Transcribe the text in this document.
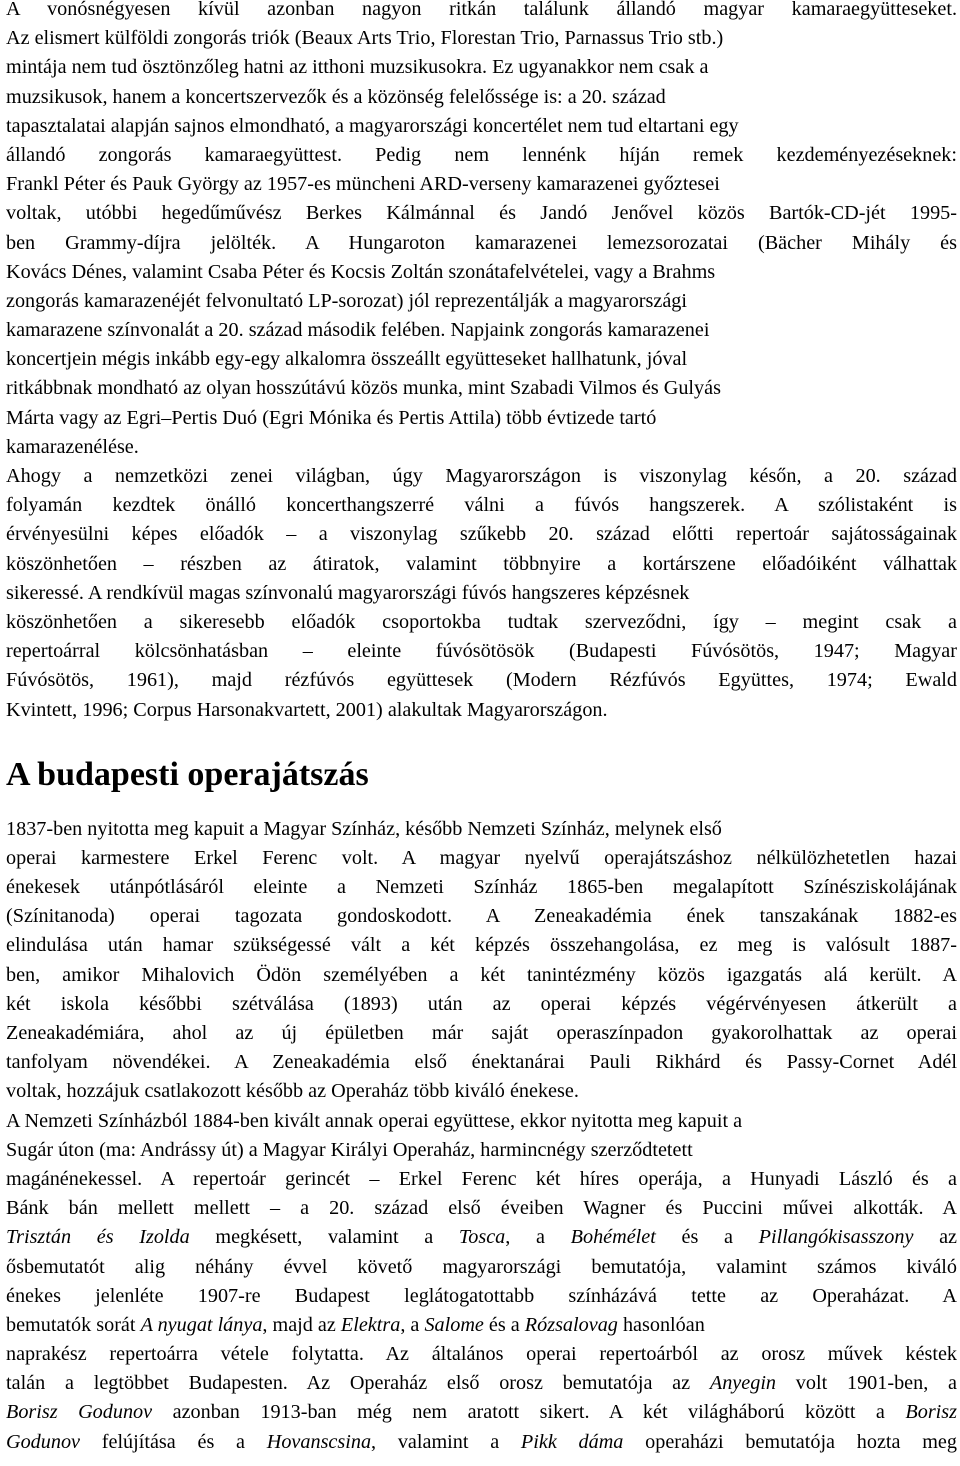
A vonósnégyesen kívül azonban nagyon ritkán találunk állandó magyar kamaraegyütteseket.
Az elismert külföldi zongorás triók (Beaux Arts Trio, Florestan Trio, Parnassus Trio stb.)
mintája nem tud ösztönzőleg hatni az itthoni muzsikusokra. Ez ugyanakkor nem csak a
muzsikusok, hanem a koncertszervezők és a közönség felelőssége is: a 20. század
tapasztalatai alapján sajnos elmondható, a magyarországi koncertélet nem tud eltartani egy
állandó zongorás kamaraegyüttest. Pedig nem lennénk híján remek kezdeményezéseknek:
Frankl Péter és Pauk György az 1957-es müncheni ARD-verseny kamarazenei győztesei
voltak, utóbbi hegedűművész Berkes Kálmánnal és Jandó Jenővel közös Bartók-CD-jét 1995-
ben Grammy-díjra jelölték. A Hungaroton kamarazenei lemezsorozatai (Bächer Mihály és
Kovács Dénes, valamint Csaba Péter és Kocsis Zoltán szonátafelvételei, vagy a Brahms
zongorás kamarazenéjét felvonultató LP-sorozat) jól reprezentálják a magyarországi
kamarazene színvonalát a 20. század második felében. Napjaink zongorás kamarazenei
koncertjein mégis inkább egy-egy alkalomra összeállt együtteseket hallhatunk, jóval
ritkábbnak mondható az olyan hosszútávú közös munka, mint Szabadi Vilmos és Gulyás
Márta vagy az Egri–Pertis Duó (Egri Mónika és Pertis Attila) több évtizede tartó
kamarazenélése.
Ahogy a nemzetközi zenei világban, úgy Magyarországon is viszonylag későn, a 20. század
folyamán kezdtek önálló koncerthangszerré válni a fúvós hangszerek. A szólistaként is
érvényesülni képes előadók – a viszonylag szűkebb 20. század előtti repertoár sajátosságainak
köszönhetően – részben az átiratok, valamint többnyire a kortárszene előadóiként válhattak
sikeressé. A rendkívül magas színvonalú magyarországi fúvós hangszeres képzésnek
köszönhetően a sikeresebb előadók csoportokba tudtak szerveződni, így – megint csak a
repertoárral kölcsönhatásban – eleinte fúvósötösök (Budapesti Fúvósötös, 1947; Magyar
Fúvósötös, 1961), majd rézfúvós együttesek (Modern Rézfúvós Együttes, 1974; Ewald
Kvintett, 1996; Corpus Harsonakvartett, 2001) alakultak Magyarországon.
A budapesti operajátszás
1837-ben nyitotta meg kapuit a Magyar Színház, később Nemzeti Színház, melynek első
operai karmestere Erkel Ferenc volt. A magyar nyelvű operajátszáshoz nélkülözhetetlen hazai
énekesek utánpótlásáról eleinte a Nemzeti Színház 1865-ben megalapított Színésziskolájának
(Színitanoda) operai tagozata gondoskodott. A Zeneakadémia ének tanszakának 1882-es
elindulása után hamar szükségessé vált a két képzés összehangolása, ez meg is valósult 1887-
ben, amikor Mihalovich Ödön személyében a két tanintézmény közös igazgatás alá került. A
két iskola későbbi szétválása (1893) után az operai képzés végérvényesen átkerült a
Zeneakadémiára, ahol az új épületben már saját operaszínpadon gyakorolhattak az operai
tanfolyam növendékei. A Zeneakadémia első énektanárai Pauli Rikhárd és Passy-Cornet Adél
voltak, hozzájuk csatlakozott később az Operaház több kiváló énekese.
A Nemzeti Színházból 1884-ben kivált annak operai együttese, ekkor nyitotta meg kapuit a
Sugár úton (ma: Andrássy út) a Magyar Királyi Operaház, harmincnégy szerződtetett
magánénekessel. A repertoár gerincét – Erkel Ferenc két híres operája, a Hunyadi László és a
Bánk bán mellett mellett – a 20. század első éveiben Wagner és Puccini művei alkották. A
Trisztán és Izolda megkésett, valamint a Tosca, a Bohémélet és a Pillangókisasszony az
ősbemutatót alig néhány évvel követő magyarországi bemutatója, valamint számos kiváló
énekes jelenléte 1907-re Budapest leglátogatottabb színházává tette az Operaházat. A
bemutatók sorát A nyugat lánya, majd az Elektra, a Salome és a Rózsalovag hasonlóan
naprakész repertoárra vétele folytatta. Az általános operai repertoárból az orosz művek késtek
talán a legtöbbet Budapesten. Az Operaház első orosz bemutatója az Anyegin volt 1901-ben, a
Borisz Godunov azonban 1913-ban még nem aratott sikert. A két világháború között a Borisz
Godunov felújítása és a Hovanscsina, valamint a Pikk dáma operaházi bemutatója hozta meg
